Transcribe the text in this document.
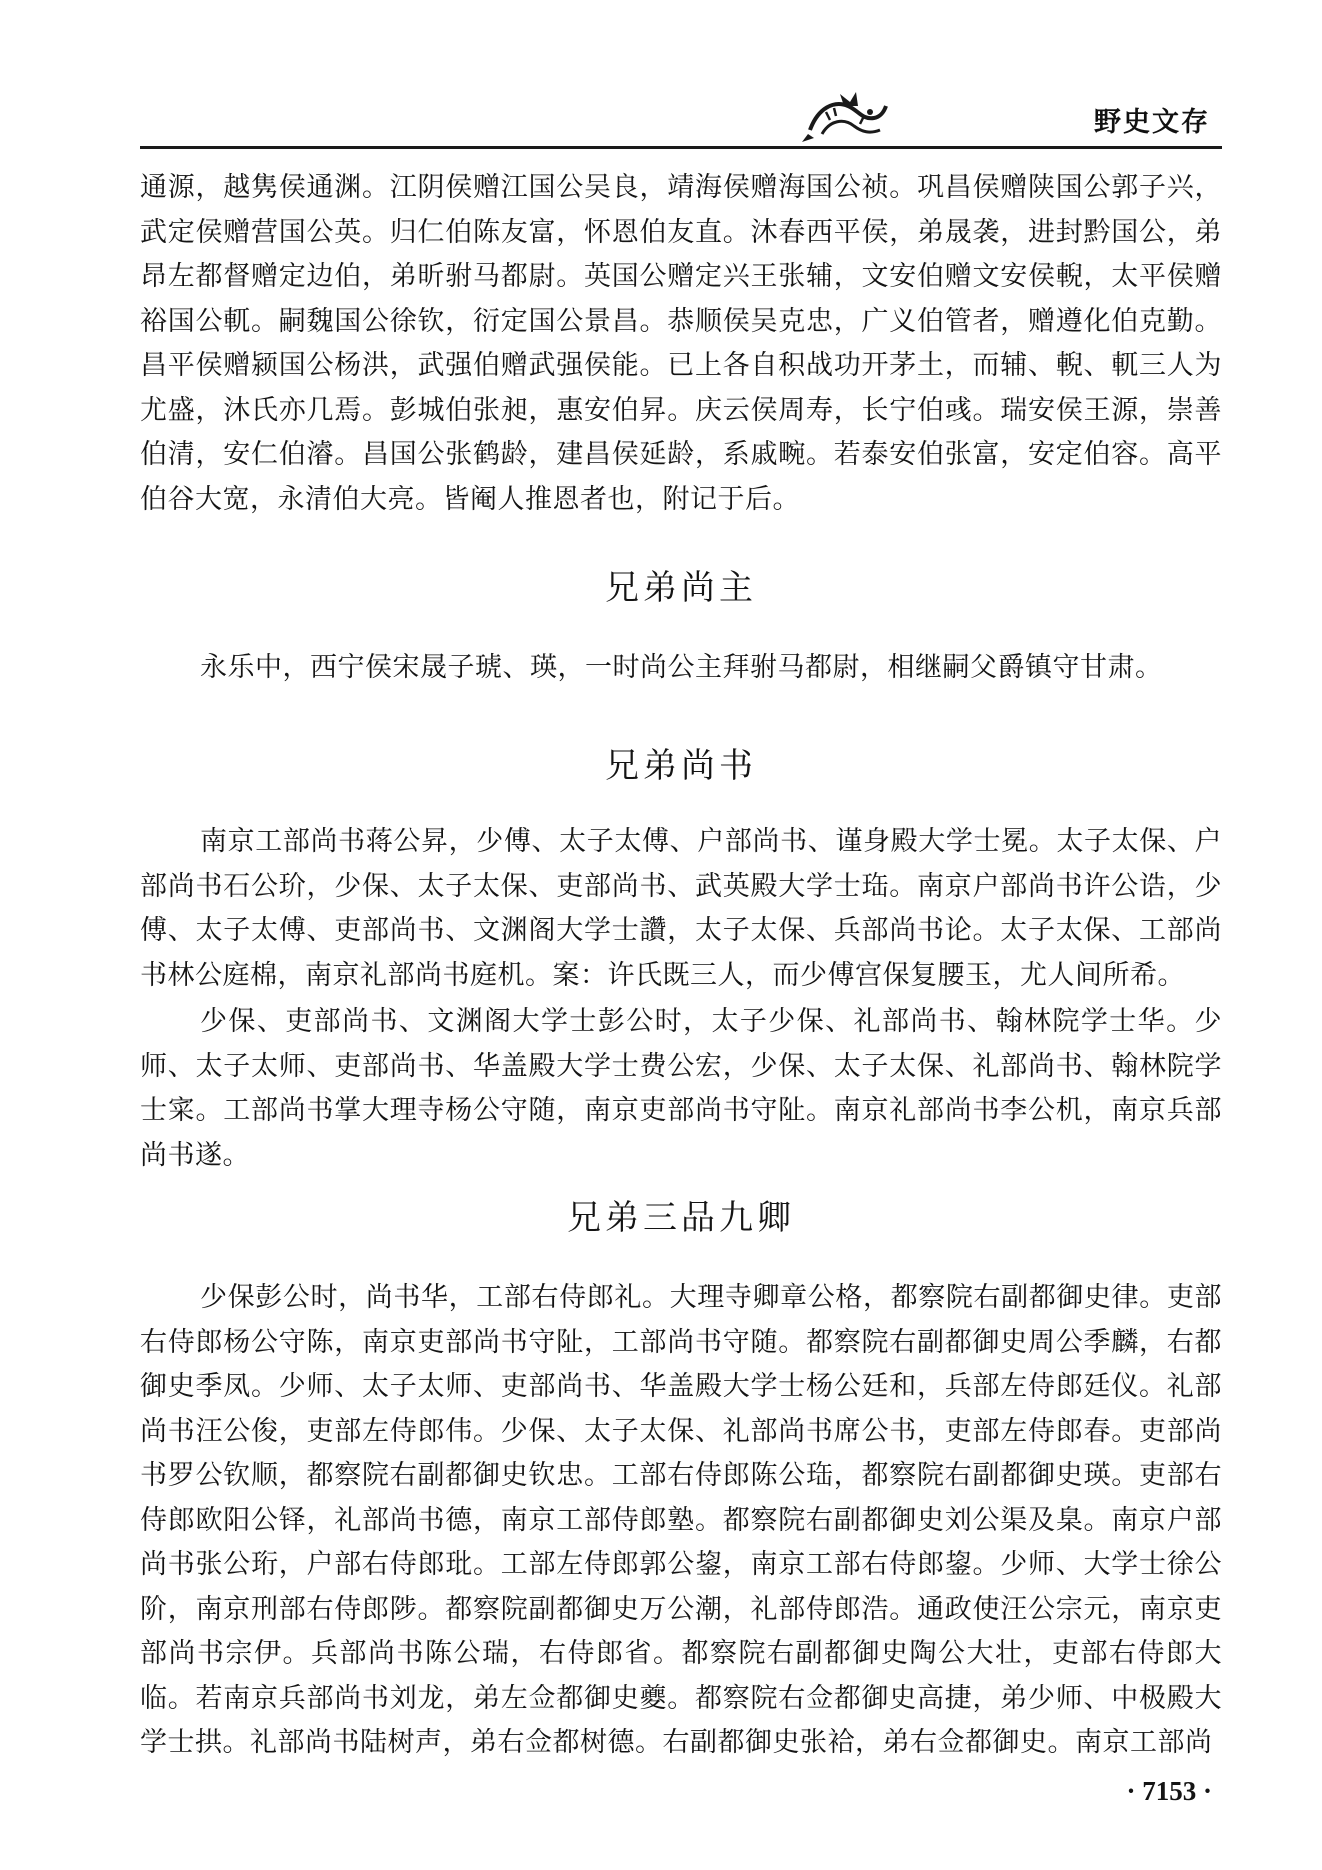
野史文存

通源，越隽侯通渊。江阴侯赠江国公吴良，靖海侯赠海国公祯。巩昌侯赠陕国公郭子兴，武定侯赠营国公英。归仁伯陈友富，怀恩伯友直。沐春西平侯，弟晟袭，进封黔国公，弟昂左都督赠定边伯，弟昕驸马都尉。英国公赠定兴王张辅，文安伯赠文安侯輗，太平侯赠裕国公軏。嗣魏国公徐钦，衍定国公景昌。恭顺侯吴克忠，广义伯管者，赠遵化伯克勤。昌平侯赠颍国公杨洪，武强伯赠武强侯能。已上各自积战功开茅土，而辅、輗、軏三人为尤盛，沐氏亦几焉。彭城伯张昶，惠安伯昇。庆云侯周寿，长宁伯彧。瑞安侯王源，崇善伯清，安仁伯濬。昌国公张鹤龄，建昌侯延龄，系戚畹。若泰安伯张富，安定伯容。高平伯谷大宽，永清伯大亮。皆阉人推恩者也，附记于后。

兄弟尚主

永乐中，西宁侯宋晟子琥、瑛，一时尚公主拜驸马都尉，相继嗣父爵镇守甘肃。

兄弟尚书

南京工部尚书蒋公昇，少傅、太子太傅、户部尚书、谨身殿大学士冕。太子太保、户部尚书石公玠，少保、太子太保、吏部尚书、武英殿大学士珤。南京户部尚书许公诰，少傅、太子太傅、吏部尚书、文渊阁大学士讚，太子太保、兵部尚书论。太子太保、工部尚书林公庭棉，南京礼部尚书庭机。案：许氏既三人，而少傅宫保复腰玉，尤人间所希。

少保、吏部尚书、文渊阁大学士彭公时，太子少保、礼部尚书、翰林院学士华。少师、太子太师、吏部尚书、华盖殿大学士费公宏，少保、太子太保、礼部尚书、翰林院学士寀。工部尚书掌大理寺杨公守随，南京吏部尚书守阯。南京礼部尚书李公机，南京兵部尚书遂。

兄弟三品九卿

少保彭公时，尚书华，工部右侍郎礼。大理寺卿章公格，都察院右副都御史律。吏部右侍郎杨公守陈，南京吏部尚书守阯，工部尚书守随。都察院右副都御史周公季麟，右都御史季凤。少师、太子太师、吏部尚书、华盖殿大学士杨公廷和，兵部左侍郎廷仪。礼部尚书汪公俊，吏部左侍郎伟。少保、太子太保、礼部尚书席公书，吏部左侍郎春。吏部尚书罗公钦顺，都察院右副都御史钦忠。工部右侍郎陈公珤，都察院右副都御史瑛。吏部右侍郎欧阳公铎，礼部尚书德，南京工部侍郎塾。都察院右副都御史刘公渠及臬。南京户部尚书张公珩，户部右侍郎玭。工部左侍郎郭公鋆，南京工部右侍郎鋆。少师、大学士徐公阶，南京刑部右侍郎陟。都察院副都御史万公潮，礼部侍郎浩。通政使汪公宗元，南京吏部尚书宗伊。兵部尚书陈公瑞，右侍郎省。都察院右副都御史陶公大壮，吏部右侍郎大临。若南京兵部尚书刘龙，弟左佥都御史夔。都察院右佥都御史高捷，弟少师、中极殿大学士拱。礼部尚书陆树声，弟右佥都树德。右副都御史张袷，弟右佥都御史。南京工部尚

· 7153 ·
